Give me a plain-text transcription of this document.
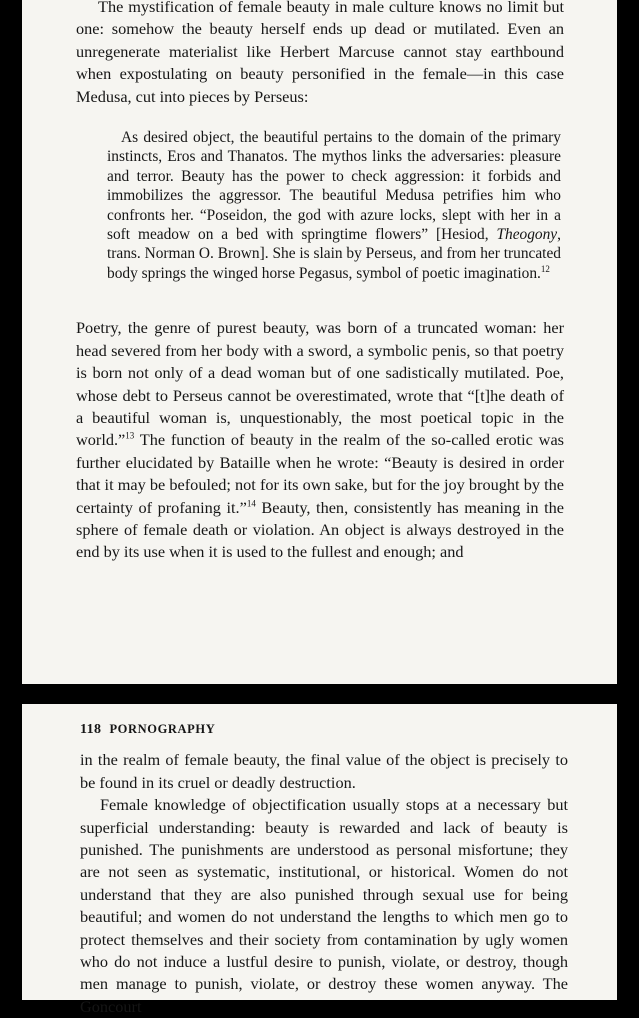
The mystification of female beauty in male culture knows no limit but one: somehow the beauty herself ends up dead or mutilated. Even an unregenerate materialist like Herbert Marcuse cannot stay earthbound when expostulating on beauty personified in the female—in this case Medusa, cut into pieces by Perseus:

As desired object, the beautiful pertains to the domain of the primary instincts, Eros and Thanatos. The mythos links the adversaries: pleasure and terror. Beauty has the power to check aggression: it forbids and immobilizes the aggressor. The beautiful Medusa petrifies him who confronts her. “Poseidon, the god with azure locks, slept with her in a soft meadow on a bed with springtime flowers” [Hesiod, Theogony, trans. Norman O. Brown]. She is slain by Perseus, and from her truncated body springs the winged horse Pegasus, symbol of poetic imagination.$^{12}$

Poetry, the genre of purest beauty, was born of a truncated woman: her head severed from her body with a sword, a symbolic penis, so that poetry is born not only of a dead woman but of one sadistically mutilated. Poe, whose debt to Perseus cannot be overestimated, wrote that “[t]he death of a beautiful woman is, unquestionably, the most poetical topic in the world.”$^{13}$ The function of beauty in the realm of the so-called erotic was further elucidated by Bataille when he wrote: “Beauty is desired in order that it may be befouled; not for its own sake, but for the joy brought by the certainty of profaning it.”$^{14}$ Beauty, then, consistently has meaning in the sphere of female death or violation. An object is always destroyed in the end by its use when it is used to the fullest and enough; and

118 PORNOGRAPHY

in the realm of female beauty, the final value of the object is precisely to be found in its cruel or deadly destruction.

Female knowledge of objectification usually stops at a necessary but superficial understanding: beauty is rewarded and lack of beauty is punished. The punishments are understood as personal misfortune; they are not seen as systematic, institutional, or historical. Women do not understand that they are also punished through sexual use for being beautiful; and women do not understand the lengths to which men go to protect themselves and their society from contamination by ugly women who do not induce a lustful desire to punish, violate, or destroy, though men manage to punish, violate, or destroy these women anyway. The Goncourt
